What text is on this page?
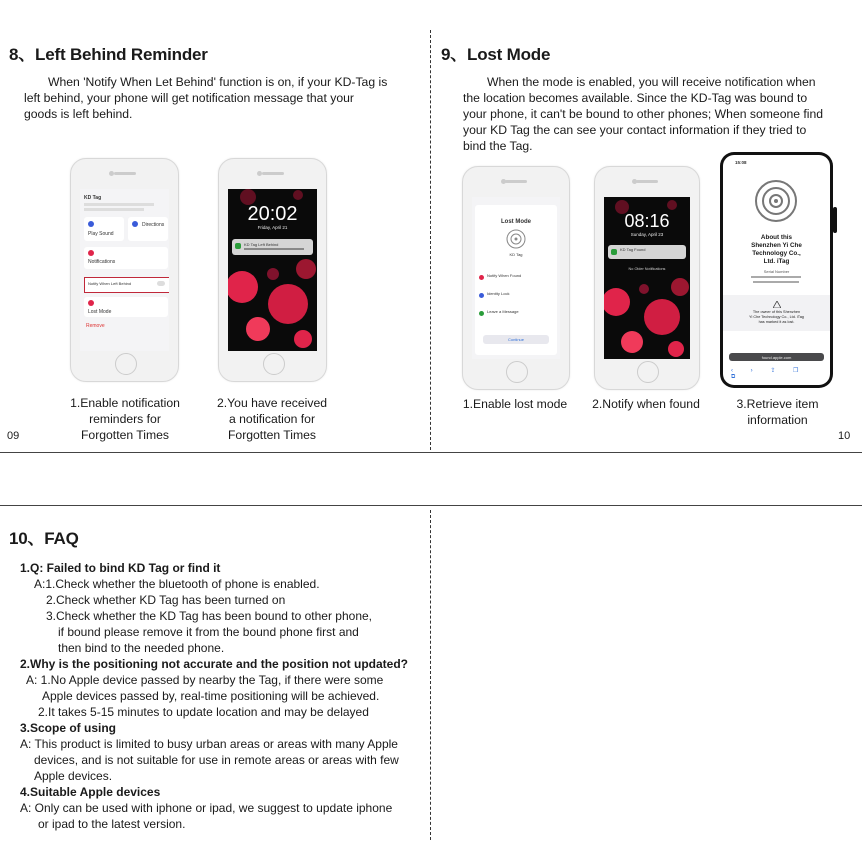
8、Left Behind Reminder
When 'Notify When Let Behind' function is on, if your KD-Tag is
left behind, your phone will get notification message that your
goods is left behind.
KD Tag
Play Sound
Directions
Notifications
Notify When Left Behind
Lost Mode
Remove
20:02
Friday, April 21
KD Tag Left Behind
1.Enable notification
reminders for
Forgotten Times
2.You have received
a notification for
Forgotten Times
09
9、Lost Mode
When the mode is enabled, you will receive notification when
the location becomes available. Since the KD-Tag was bound to
your phone, it can't be bound to other phones; When someone find
your KD Tag the can see your contact information if they tried to
bind the Tag.
Lost Mode
KD Tag
Notify When Found
Identity Lock
Leave a Message
Continue
08:16
Sunday, April 23
KD Tag Found
No Older Notifications
15:08
About this
Shenzhen Yi Che
Technology Co.,
Ltd. iTag
Serial Number
The owner of this Shenzhen
Yi Che Technology Co., Ltd. iTag
has marked it as lost.
found.apple.com
‹ › ⇪ ❐ ⧉
1.Enable lost mode	2.Notify when found	3.Retrieve item
information
10
10、FAQ
1.Q: Failed to bind KD Tag or find it
A:1.Check whether the bluetooth of phone is enabled.
2.Check whether KD Tag has been turned on
3.Check whether the KD Tag has been bound to other phone,
if bound please remove it from the bound phone first and
then bind to the needed phone.
2.Why is the positioning not accurate and the position not updated?
A: 1.No Apple device passed by nearby the Tag, if there were some
Apple devices passed by, real-time positioning will be achieved.
2.It takes 5-15 minutes to update location and may be delayed
3.Scope of using
A: This product is limited to busy urban areas or areas with many Apple
devices, and is not suitable for use in remote areas or areas with few
Apple devices.
4.Suitable Apple devices
A: Only can be used with iphone or ipad, we suggest to update iphone
or ipad to the latest version.
